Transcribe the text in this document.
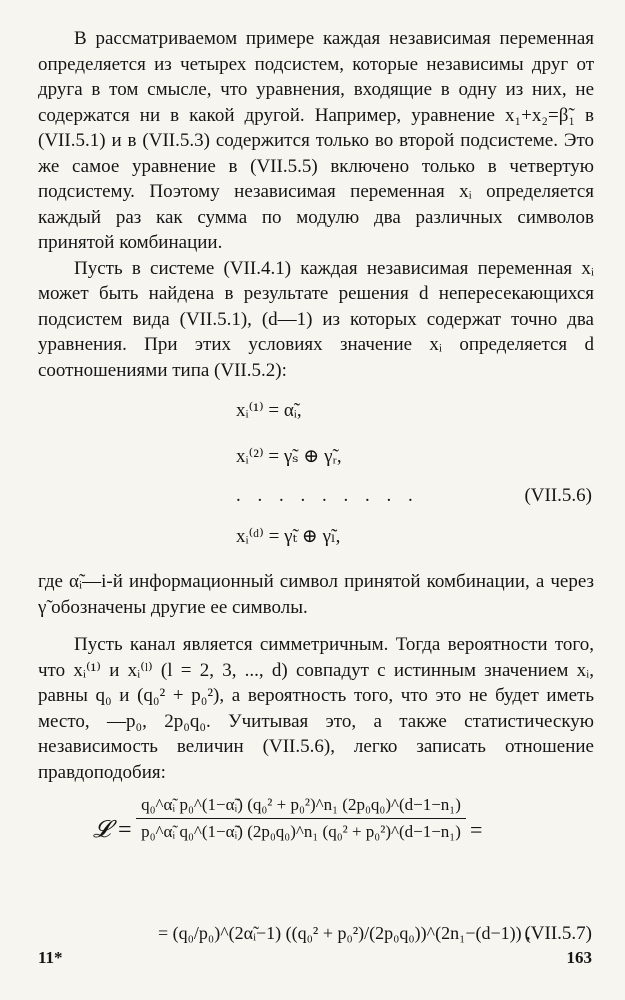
В рассматриваемом примере каждая независимая переменная определяется из четырех подсистем, которые независимы друг от друга в том смысле, что уравнения, входящие в одну из них, не содержатся ни в какой другой. Например, уравнение x₁+x₂=β̃₁ в (VII.5.1) и в (VII.5.3) содержится только во второй подсистеме. Это же самое уравнение в (VII.5.5) включено только в четвертую подсистему. Поэтому независимая переменная xᵢ определяется каждый раз как сумма по модулю два различных символов принятой комбинации.

Пусть в системе (VII.4.1) каждая независимая переменная xᵢ может быть найдена в результате решения d непересекающихся подсистем вида (VII.5.1), (d—1) из которых содержат точно два уравнения. При этих условиях значение xᵢ определяется d соотношениями типа (VII.5.2):

xᵢ⁽¹⁾ = α̃ᵢ,
xᵢ⁽²⁾ = γ̃ₛ ⊕ γ̃ᵣ,
. . . . . . . . .
xᵢ⁽ᵈ⁾ = γ̃ₜ ⊕ γ̃ₗ,
(VII.5.6)

где α̃ᵢ—i-й информационный символ принятой комбинации, а через γ̃ обозначены другие ее символы.

Пусть канал является симметричным. Тогда вероятности того, что xᵢ⁽¹⁾ и xᵢ⁽ˡ⁾ (l = 2, 3, ..., d) совпадут с истинным значением xᵢ, равны q₀ и (q₀² + p₀²), а вероятность того, что это не будет иметь место, —p₀, 2p₀q₀. Учитывая это, а также статистическую независимость величин (VII.5.6), легко записать отношение правдоподобия:

𝓛 =
q₀^α̃ᵢ p₀^(1−α̃ᵢ) (q₀² + p₀²)^n₁ (2p₀q₀)^(d−1−n₁)
p₀^α̃ᵢ q₀^(1−α̃ᵢ) (2p₀q₀)^n₁ (q₀² + p₀²)^(d−1−n₁) =
= (q₀/p₀)^(2α̃ᵢ−1) ((q₀² + p₀²)/(2p₀q₀))^(2n₁−(d−1)) ,
(VII.5.7)
11*	163
